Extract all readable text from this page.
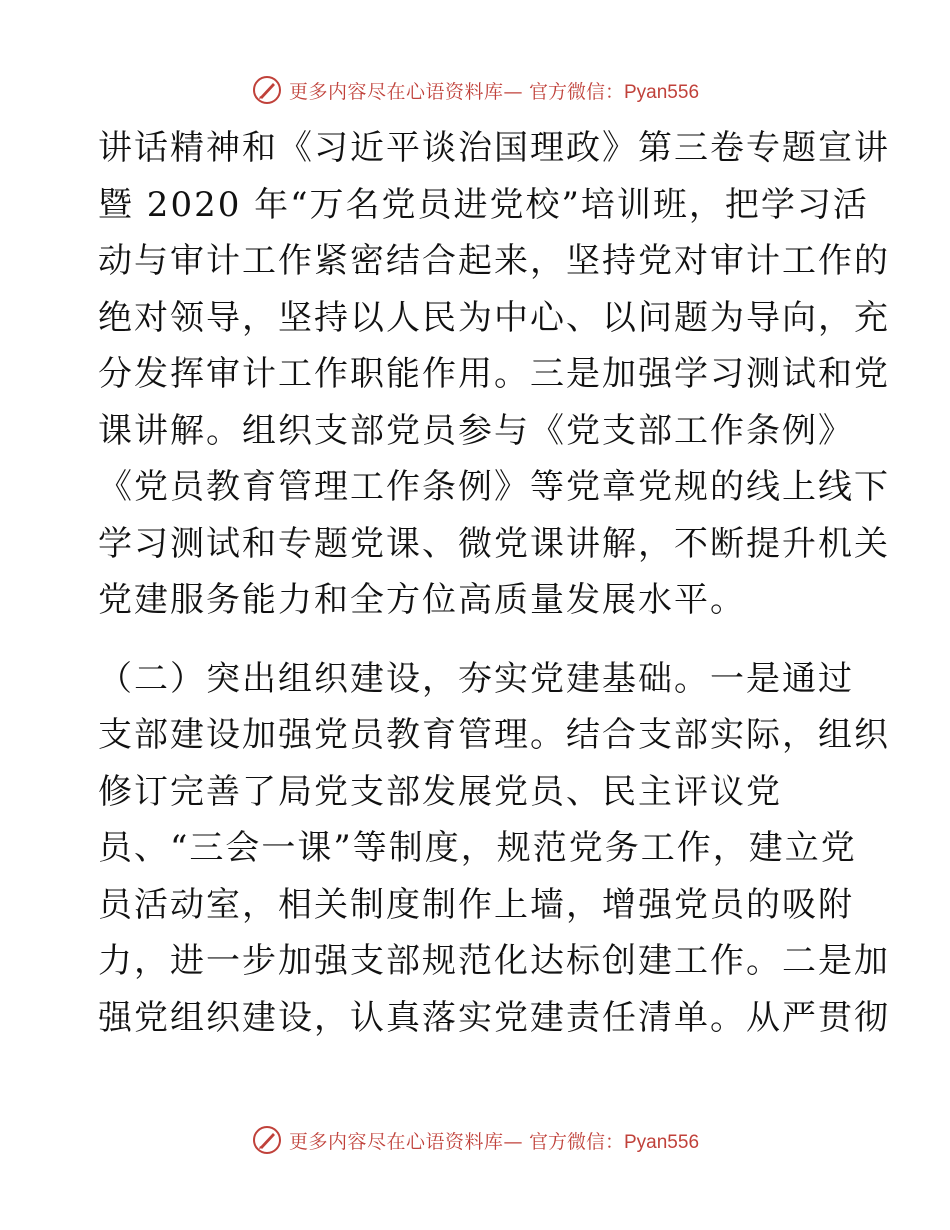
更多内容尽在心语资料库— 官方微信：Pyan556
讲话精神和《习近平谈治国理政》第三卷专题宣讲
暨 2020 年“万名党员进党校”培训班，把学习活
动与审计工作紧密结合起来，坚持党对审计工作的
绝对领导，坚持以人民为中心、以问题为导向，充
分发挥审计工作职能作用。三是加强学习测试和党
课讲解。组织支部党员参与《党支部工作条例》
《党员教育管理工作条例》等党章党规的线上线下
学习测试和专题党课、微党课讲解，不断提升机关
党建服务能力和全方位高质量发展水平。
（二）突出组织建设，夯实党建基础。一是通过
支部建设加强党员教育管理。结合支部实际，组织
修订完善了局党支部发展党员、民主评议党
员、“三会一课”等制度，规范党务工作，建立党
员活动室，相关制度制作上墙，增强党员的吸附
力，进一步加强支部规范化达标创建工作。二是加
强党组织建设，认真落实党建责任清单。从严贯彻
更多内容尽在心语资料库— 官方微信：Pyan556
